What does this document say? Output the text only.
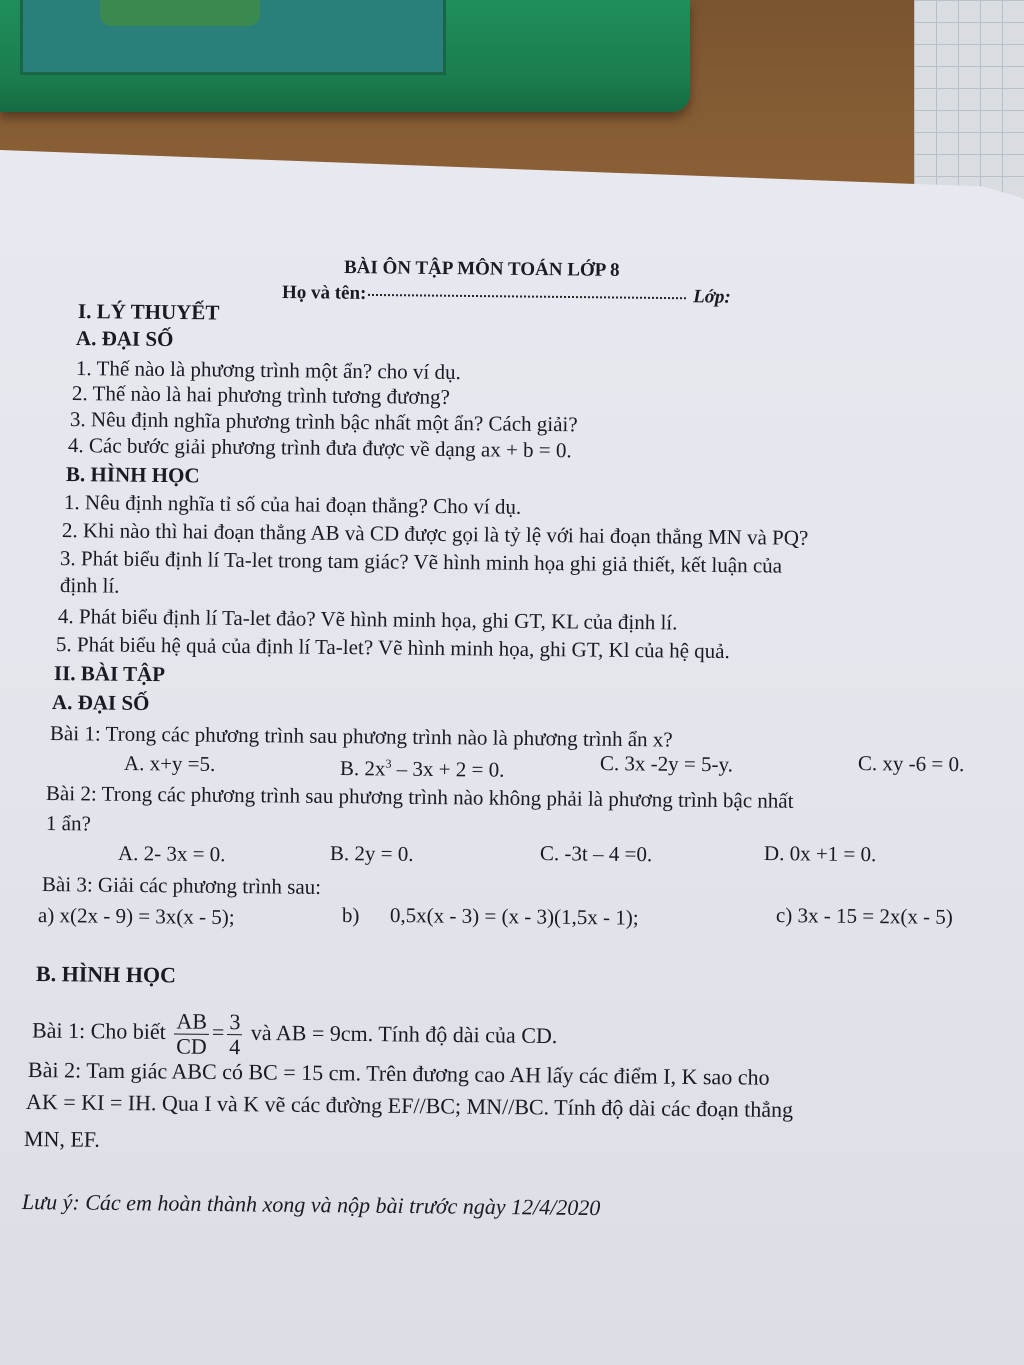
BÀI ÔN TẬP MÔN TOÁN LỚP 8
Họ và tên:	Lớp:
I. LÝ THUYẾT
A. ĐẠI SỐ
1. Thế nào là phương trình một ẩn? cho ví dụ.
2. Thế nào là hai phương trình tương đương?
3. Nêu định nghĩa phương trình bậc nhất một ẩn? Cách giải?
4. Các bước giải phương trình đưa được về dạng ax + b = 0.
B. HÌNH HỌC
1. Nêu định nghĩa tỉ số của hai đoạn thẳng? Cho ví dụ.
2. Khi nào thì hai đoạn thẳng AB và CD được gọi là tỷ lệ với hai đoạn thẳng MN và PQ?
3. Phát biểu định lí Ta-let trong tam giác? Vẽ hình minh họa ghi giả thiết, kết luận của
định lí.
4. Phát biểu định lí Ta-let đảo? Vẽ hình minh họa, ghi GT, KL của định lí.
5. Phát biểu hệ quả của định lí Ta-let? Vẽ hình minh họa, ghi GT, Kl của hệ quả.
II. BÀI TẬP
A. ĐẠI SỐ
Bài 1: Trong các phương trình sau phương trình nào là phương trình ẩn x?
A. x+y =5.	B. $2x^3 - 3x + 2 = 0$.	C. 3x -2y = 5-y.	C. xy -6 = 0.
Bài 2: Trong các phương trình sau phương trình nào không phải là phương trình bậc nhất
1 ẩn?
A. 2- 3x = 0.	B. 2y = 0.	C. -3t – 4 =0.	D. 0x +1 = 0.
Bài 3: Giải các phương trình sau:
a) x(2x - 9) = 3x(x - 5);	b) 0,5x(x - 3) = (x - 3)(1,5x - 1);	c) 3x - 15 = 2x(x - 5)
B. HÌNH HỌC
Bài 1: Cho biết $\frac{AB}{CD} = \frac{3}{4}$ và AB = 9cm. Tính độ dài của CD.
Bài 2: Tam giác ABC có BC = 15 cm. Trên đương cao AH lấy các điểm I, K sao cho
AK = KI = IH. Qua I và K vẽ các đường EF//BC; MN//BC. Tính độ dài các đoạn thẳng
MN, EF.
Lưu ý: Các em hoàn thành xong và nộp bài trước ngày 12/4/2020
